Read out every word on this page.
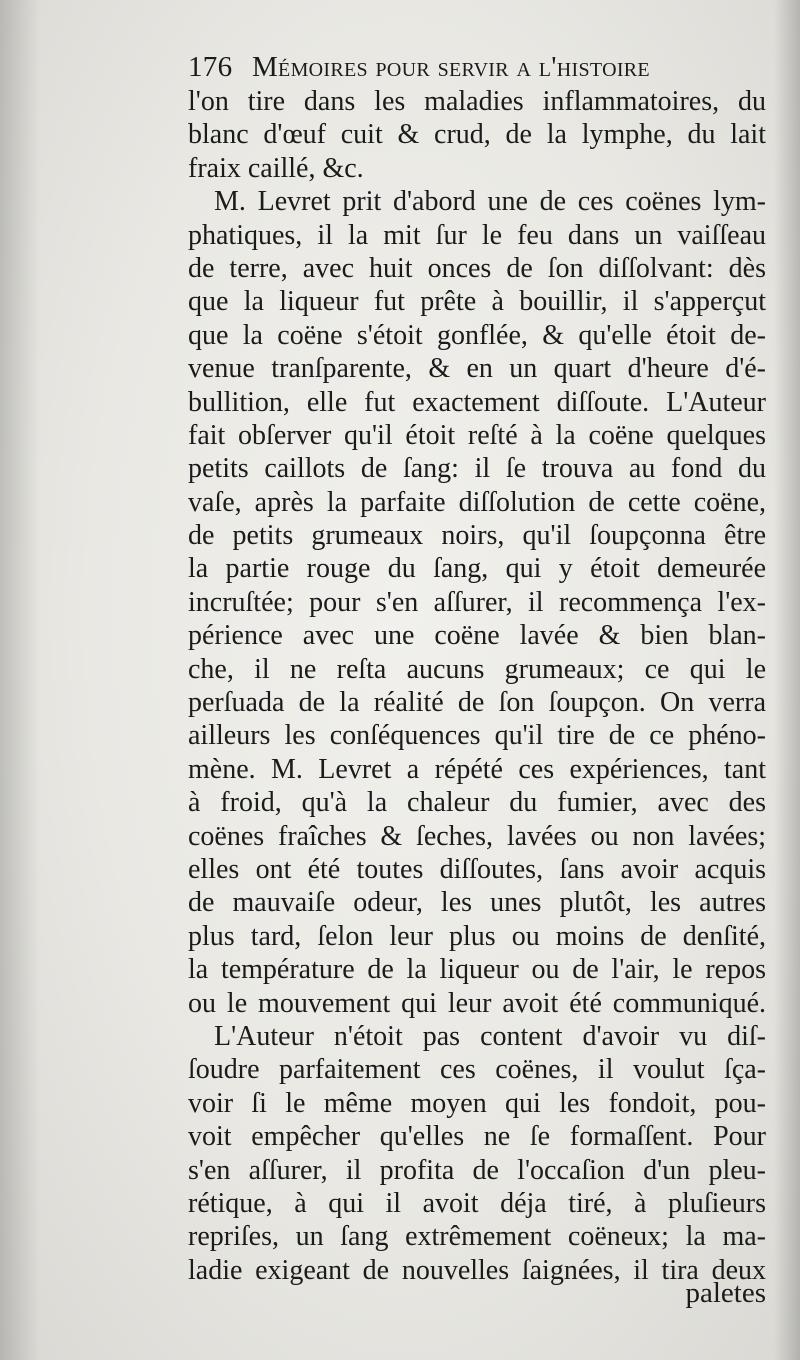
176 Mémoires pour servir a l'histoire
l'on tire dans les maladies inflammatoires, du
blanc d'œuf cuit & crud, de la lymphe, du lait
fraix caillé, &c.
M. Levret prit d'abord une de ces coënes lym-
phatiques, il la mit ſur le feu dans un vaiſſeau
de terre, avec huit onces de ſon diſſolvant: dès
que la liqueur fut prête à bouillir, il s'apperçut
que la coëne s'étoit gonflée, & qu'elle étoit de-
venue tranſparente, & en un quart d'heure d'é-
bullition, elle fut exactement diſſoute. L'Auteur
fait obſerver qu'il étoit reſté à la coëne quelques
petits caillots de ſang: il ſe trouva au fond du
vaſe, après la parfaite diſſolution de cette coëne,
de petits grumeaux noirs, qu'il ſoupçonna être
la partie rouge du ſang, qui y étoit demeurée
incruſtée; pour s'en aſſurer, il recommença l'ex-
périence avec une coëne lavée & bien blan-
che, il ne reſta aucuns grumeaux; ce qui le
perſuada de la réalité de ſon ſoupçon. On verra
ailleurs les conſéquences qu'il tire de ce phéno-
mène. M. Levret a répété ces expériences, tant
à froid, qu'à la chaleur du fumier, avec des
coënes fraîches & ſeches, lavées ou non lavées;
elles ont été toutes diſſoutes, ſans avoir acquis
de mauvaiſe odeur, les unes plutôt, les autres
plus tard, ſelon leur plus ou moins de denſité,
la température de la liqueur ou de l'air, le repos
ou le mouvement qui leur avoit été communiqué.
L'Auteur n'étoit pas content d'avoir vu diſ-
ſoudre parfaitement ces coënes, il voulut ſça-
voir ſi le même moyen qui les fondoit, pou-
voit empêcher qu'elles ne ſe formaſſent. Pour
s'en aſſurer, il profita de l'occaſion d'un pleu-
rétique, à qui il avoit déja tiré, à pluſieurs
repriſes, un ſang extrêmement coëneux; la ma-
ladie exigeant de nouvelles ſaignées, il tira deux
paletes
